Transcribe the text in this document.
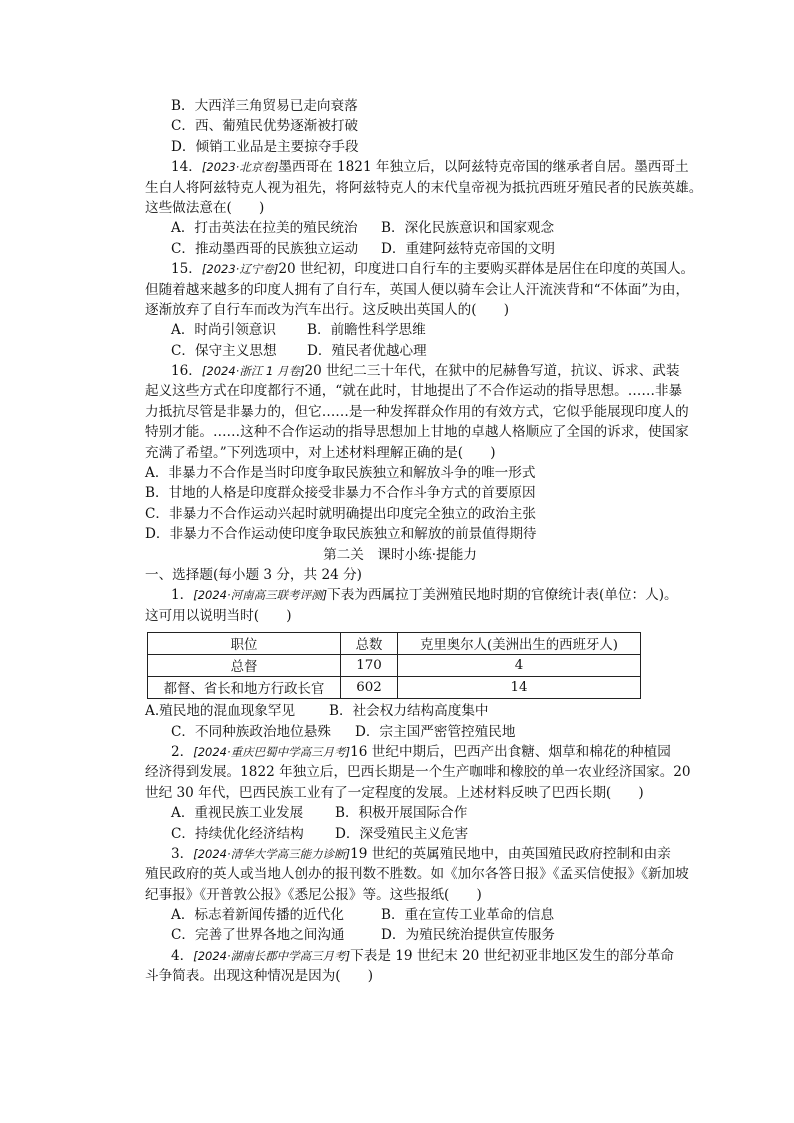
B．大西洋三角贸易已走向衰落
C．西、葡殖民优势逐渐被打破
D．倾销工业品是主要掠夺手段
14．[2023·北京卷]墨西哥在 1821 年独立后，以阿兹特克帝国的继承者自居。墨西哥土
生白人将阿兹特克人视为祖先，将阿兹特克人的末代皇帝视为抵抗西班牙殖民者的民族英雄。
这些做法意在(　　)
A．打击英法在拉美的殖民统治	B．深化民族意识和国家观念
C．推动墨西哥的民族独立运动	D．重建阿兹特克帝国的文明
15．[2023·辽宁卷]20 世纪初，印度进口自行车的主要购买群体是居住在印度的英国人。
但随着越来越多的印度人拥有了自行车，英国人便以骑车会让人汗流浃背和“不体面”为由，
逐渐放弃了自行车而改为汽车出行。这反映出英国人的(　　)
A．时尚引领意识	B．前瞻性科学思维
C．保守主义思想	D．殖民者优越心理
16．[2024·浙江 1 月卷]20 世纪二三十年代，在狱中的尼赫鲁写道，抗议、诉求、武装
起义这些方式在印度都行不通，“就在此时，甘地提出了不合作运动的指导思想。……非暴
力抵抗尽管是非暴力的，但它……是一种发挥群众作用的有效方式，它似乎能展现印度人的
特别才能。……这种不合作运动的指导思想加上甘地的卓越人格顺应了全国的诉求，使国家
充满了希望。”下列选项中，对上述材料理解正确的是(　　)
A．非暴力不合作是当时印度争取民族独立和解放斗争的唯一形式
B．甘地的人格是印度群众接受非暴力不合作斗争方式的首要原因
C．非暴力不合作运动兴起时就明确提出印度完全独立的政治主张
D．非暴力不合作运动使印度争取民族独立和解放的前景值得期待
第二关　课时小练·提能力
一、选择题(每小题 3 分，共 24 分)
1．[2024·河南高三联考评测]下表为西属拉丁美洲殖民地时期的官僚统计表(单位：人)。
这可用以说明当时(　　)
职位	总数	克里奥尔人(美洲出生的西班牙人)
总督	170	4
都督、省长和地方行政长官	602	14
A.殖民地的混血现象罕见	B．社会权力结构高度集中
C．不同种族政治地位悬殊	D．宗主国严密管控殖民地
2．[2024·重庆巴蜀中学高三月考]16 世纪中期后，巴西产出食糖、烟草和棉花的种植园
经济得到发展。1822 年独立后，巴西长期是一个生产咖啡和橡胶的单一农业经济国家。20
世纪 30 年代，巴西民族工业有了一定程度的发展。上述材料反映了巴西长期(　　)
A．重视民族工业发展	B．积极开展国际合作
C．持续优化经济结构	D．深受殖民主义危害
3．[2024·清华大学高三能力诊断]19 世纪的英属殖民地中，由英国殖民政府控制和由亲
殖民政府的英人或当地人创办的报刊数不胜数。如《加尔各答日报》《孟买信使报》《新加坡
纪事报》《开普敦公报》《悉尼公报》等。这些报纸(　　)
A．标志着新闻传播的近代化	B．重在宣传工业革命的信息
C．完善了世界各地之间沟通	D．为殖民统治提供宣传服务
4．[2024·湖南长郡中学高三月考]下表是 19 世纪末 20 世纪初亚非地区发生的部分革命
斗争简表。出现这种情况是因为(　　)
